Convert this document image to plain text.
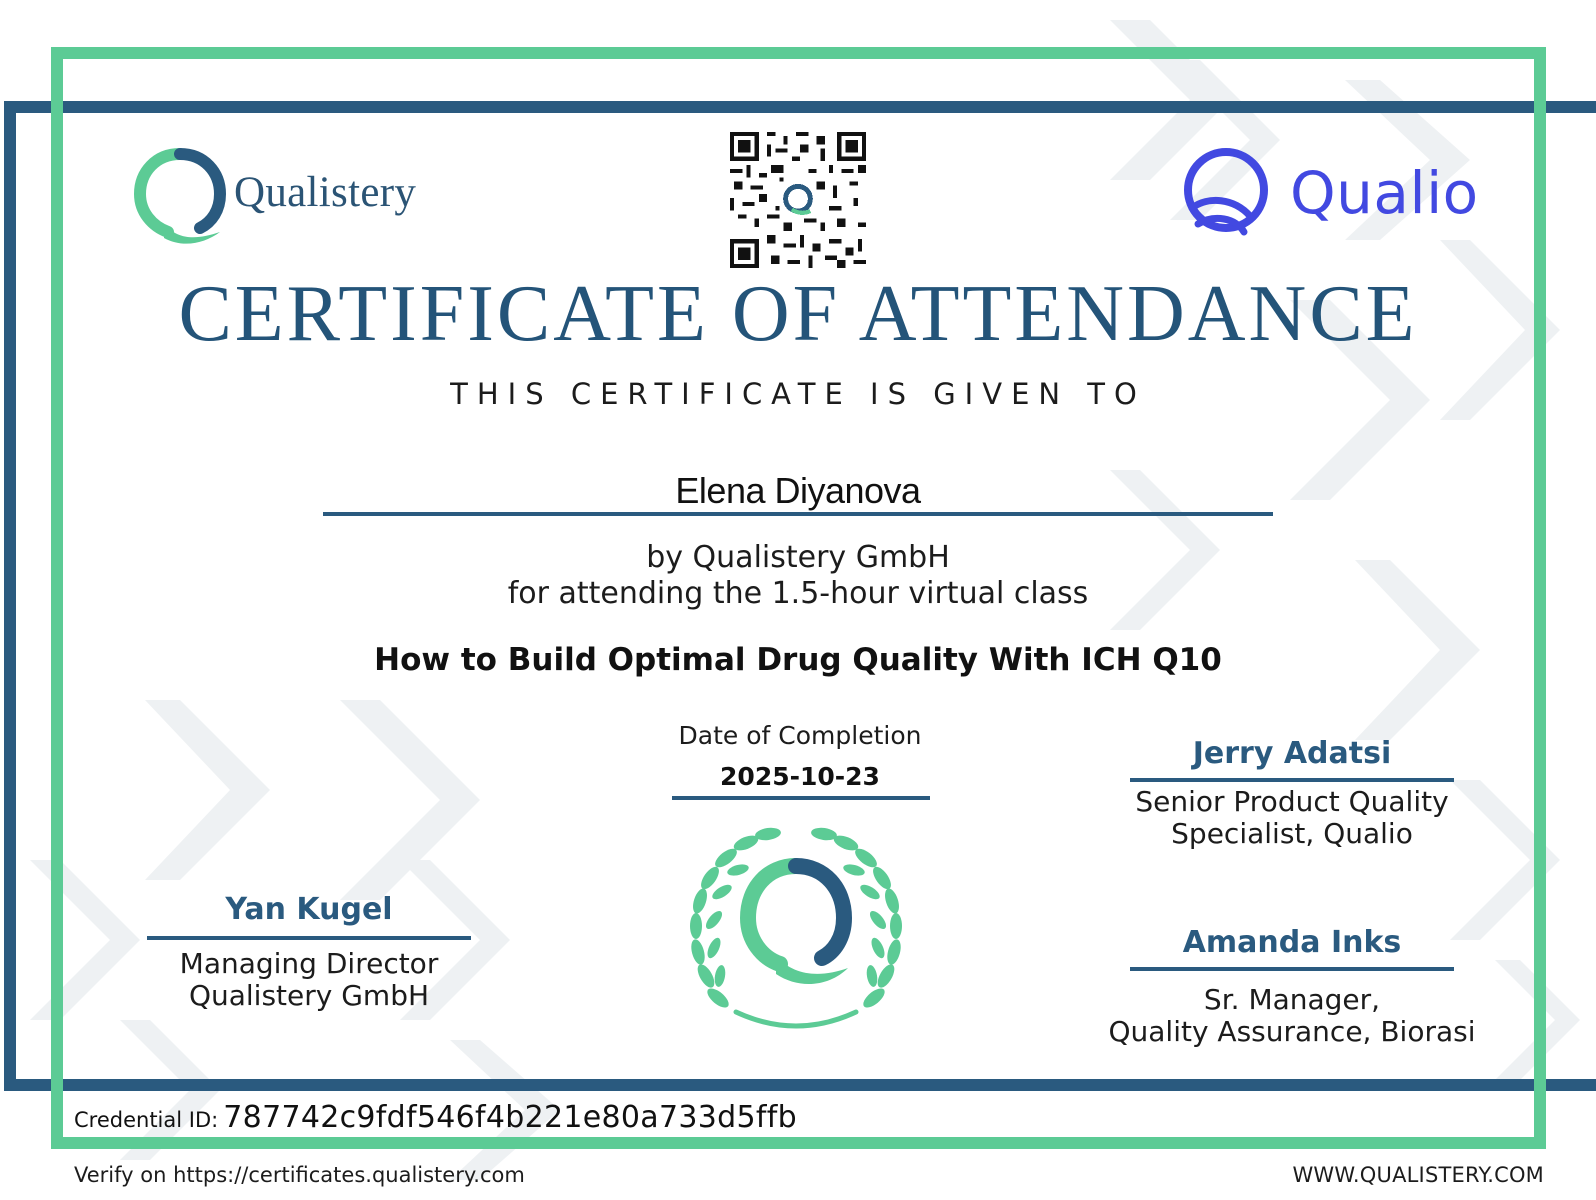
Qualistery	Qualio
CERTIFICATE OF ATTENDANCE
THIS CERTIFICATE IS GIVEN TO
Elena Diyanova
by Qualistery GmbH
for attending the 1.5-hour virtual class
How to Build Optimal Drug Quality With ICH Q10
Date of Completion
2025-10-23
Yan Kugel
Managing Director
Qualistery GmbH
Jerry Adatsi
Senior Product Quality
Specialist, Qualio
Amanda Inks
Sr. Manager,
Quality Assurance, Biorasi
Credential ID: 787742c9fdf546f4b221e80a733d5ffb
Verify on https://certificates.qualistery.com	WWW.QUALISTERY.COM
